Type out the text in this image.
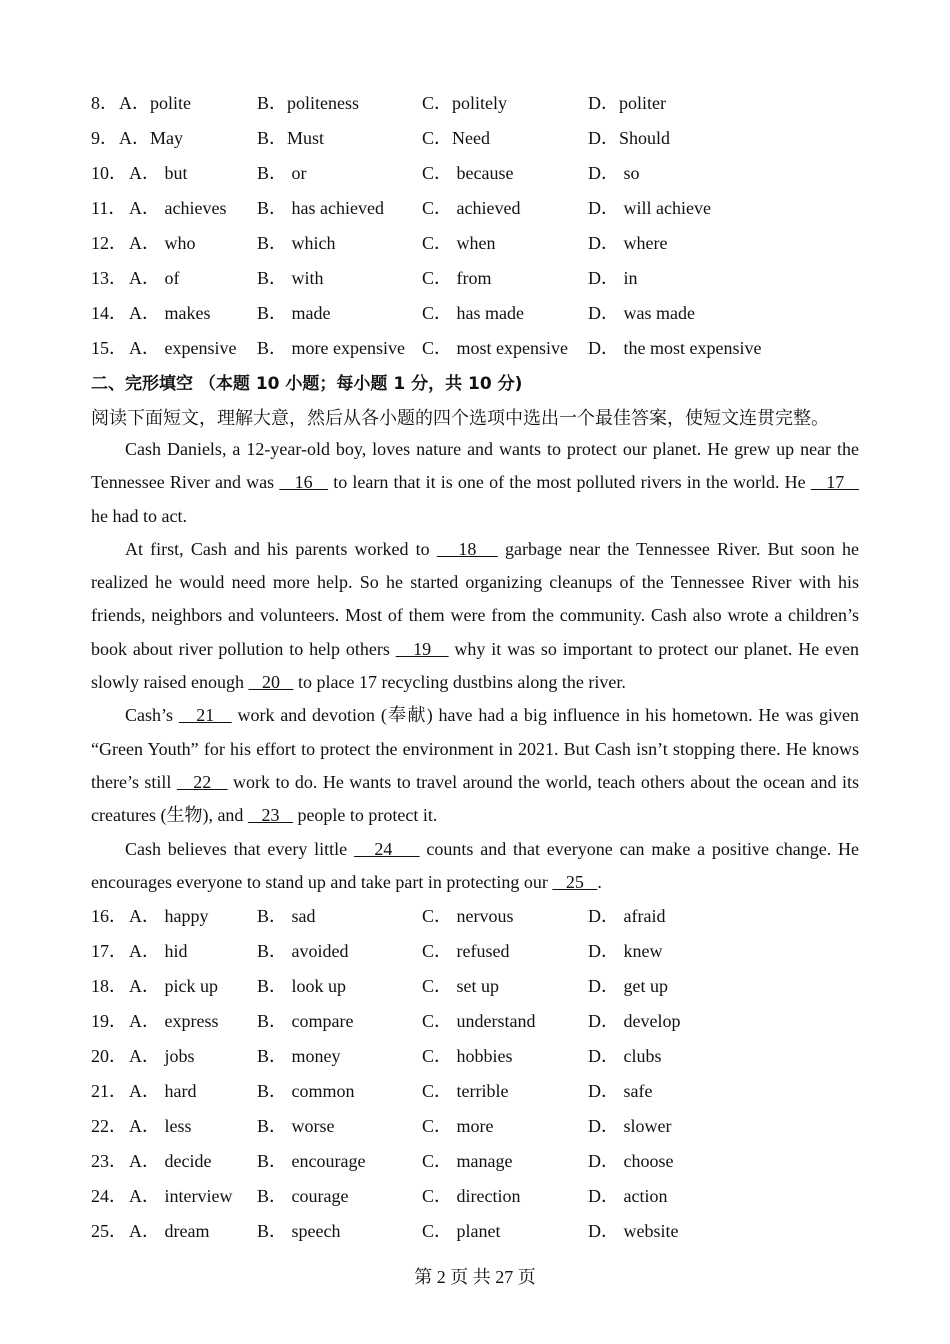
8． A．polite	B．politeness	C．politely	D．politer
9． A．May	B．Must	C．Need	D．Should
10． A． but	B． or	C． because	D． so
11． A． achieves B． has achieved C． achieved	D． will achieve
12． A． who	B． which	C． when	D． where
13． A． of	B． with	C． from	D． in
14． A． makes	B． made	C． has made	D． was made
15． A． expensive B． more expensive C． most expensive D． the most expensive
二、完形填空 （本题 10 小题；每小题 1 分，共 10 分)
阅读下面短文，理解大意，然后从各小题的四个选项中选出一个最佳答案，使短文连贯完整。

Cash Daniels, a 12-year-old boy, loves nature and wants to protect our planet. He grew up near the Tennessee River and was    16    to learn that it is one of the most polluted rivers in the world. He    17    he had to act.

At first, Cash and his parents worked to    18    garbage near the Tennessee River. But soon he realized he would need more help. So he started organizing cleanups of the Tennessee River with his friends, neighbors and volunteers. Most of them were from the community. Cash also wrote a children’s book about river pollution to help others    19    why it was so important to protect our planet. He even slowly raised enough    20    to place 17 recycling dustbins along the river.

Cash’s    21    work and devotion (奉献) have had a big influence in his hometown. He was given “Green Youth” for his effort to protect the environment in 2021. But Cash isn’t stopping there. He knows there’s still    22    work to do. He wants to travel around the world, teach others about the ocean and its creatures (生物), and    23    people to protect it.

Cash believes that every little    24     counts and that everyone can make a positive change. He encourages everyone to stand up and take part in protecting our    25   .

16． A． happy	B． sad	C． nervous	D． afraid
17． A． hid	B． avoided	C． refused	D． knew
18． A． pick up B． look up	C． set up	D． get up
19． A． express B． compare	C． understand	D． develop
20． A． jobs	B． money	C． hobbies	D． clubs
21． A． hard	B． common	C． terrible	D． safe
22． A． less	B． worse	C． more	D． slower
23． A． decide	B． encourage	C． manage	D． choose
24． A． interview B． courage	C． direction	D． action
25． A． dream	B． speech	C． planet	D． website
第 2 页 共 27 页
